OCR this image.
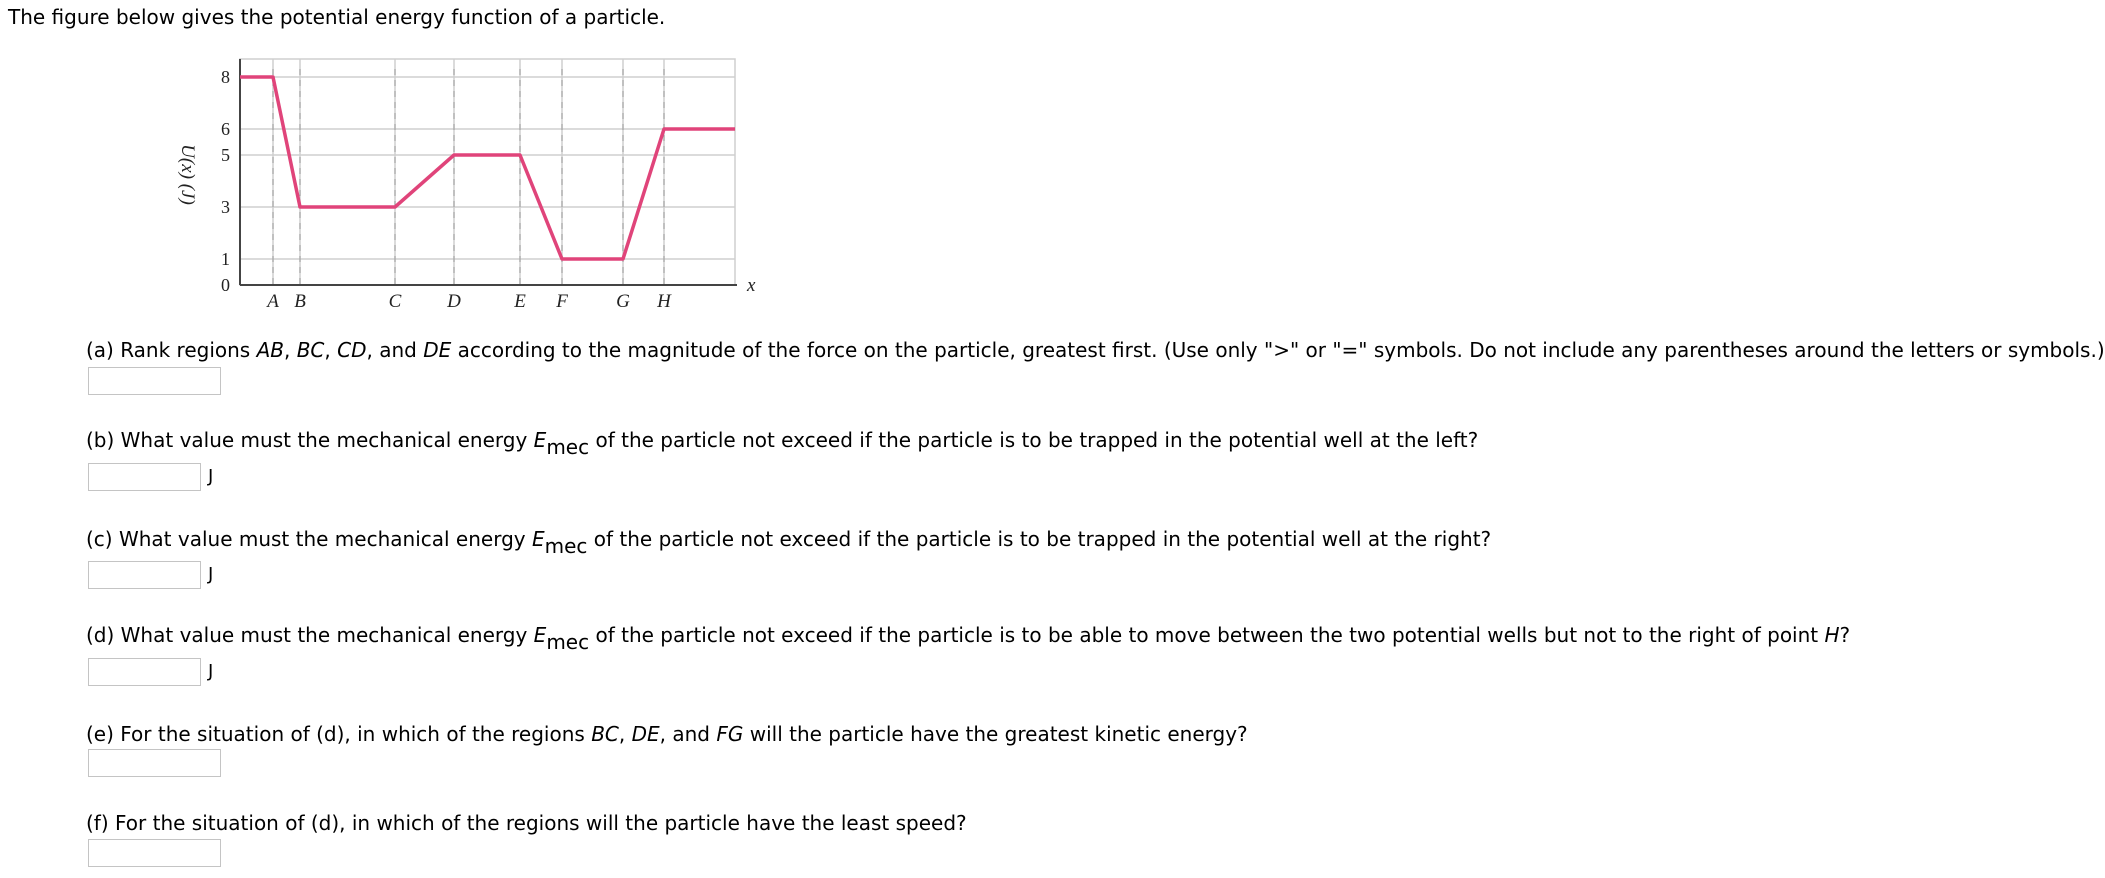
The figure below gives the potential energy function of a particle.
0
1
3
5
6
8
A B	C D	E F	G H
x
U(x) (J)
(a) Rank regions AB, BC, CD, and DE according to the magnitude of the force on the particle, greatest first. (Use only ">" or "=" symbols. Do not include any parentheses around the letters or symbols.)
(b) What value must the mechanical energy $E_{mec}$ of the particle not exceed if the particle is to be trapped in the potential well at the left?
J
(c) What value must the mechanical energy $E_{mec}$ of the particle not exceed if the particle is to be trapped in the potential well at the right?
J
(d) What value must the mechanical energy $E_{mec}$ of the particle not exceed if the particle is to be able to move between the two potential wells but not to the right of point H?
J
(e) For the situation of (d), in which of the regions BC, DE, and FG will the particle have the greatest kinetic energy?
(f) For the situation of (d), in which of the regions will the particle have the least speed?
